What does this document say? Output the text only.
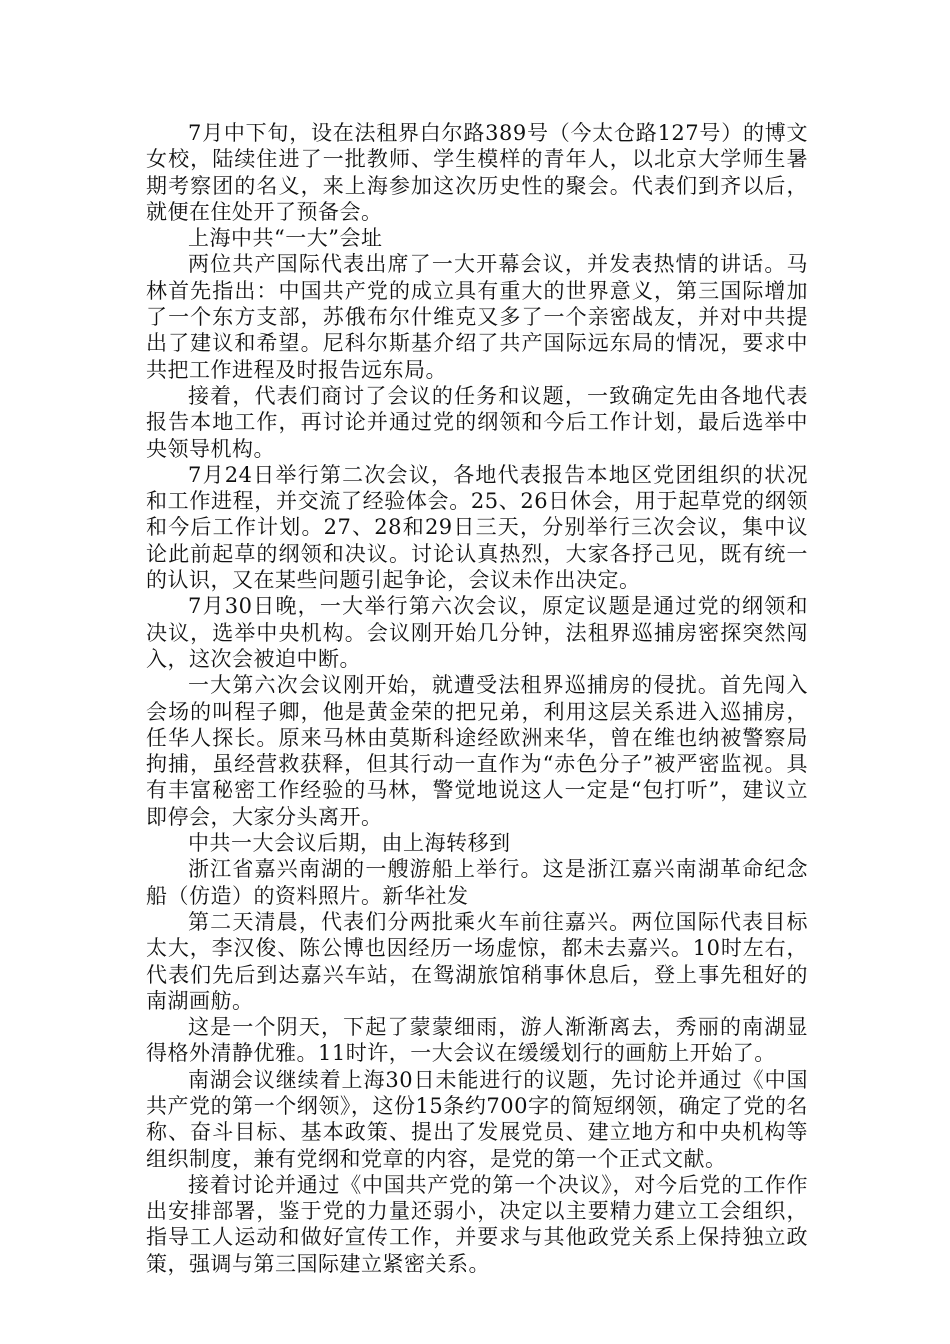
7月中下旬，设在法租界白尔路389号（今太仓路127号）的博文女校，陆续住进了一批教师、学生模样的青年人，以北京大学师生暑期考察团的名义，来上海参加这次历史性的聚会。代表们到齐以后，就便在住处开了预备会。

上海中共“一大”会址

两位共产国际代表出席了一大开幕会议，并发表热情的讲话。马林首先指出：中国共产党的成立具有重大的世界意义，第三国际增加了一个东方支部，苏俄布尔什维克又多了一个亲密战友，并对中共提出了建议和希望。尼科尔斯基介绍了共产国际远东局的情况，要求中共把工作进程及时报告远东局。

接着，代表们商讨了会议的任务和议题，一致确定先由各地代表报告本地工作，再讨论并通过党的纲领和今后工作计划，最后选举中央领导机构。

7月24日举行第二次会议，各地代表报告本地区党团组织的状况和工作进程，并交流了经验体会。25、26日休会，用于起草党的纲领和今后工作计划。27、28和29日三天，分别举行三次会议，集中议论此前起草的纲领和决议。讨论认真热烈，大家各抒己见，既有统一的认识，又在某些问题引起争论，会议未作出决定。

7月30日晚，一大举行第六次会议，原定议题是通过党的纲领和决议，选举中央机构。会议刚开始几分钟，法租界巡捕房密探突然闯入，这次会被迫中断。

一大第六次会议刚开始，就遭受法租界巡捕房的侵扰。首先闯入会场的叫程子卿，他是黄金荣的把兄弟，利用这层关系进入巡捕房，任华人探长。原来马林由莫斯科途经欧洲来华，曾在维也纳被警察局拘捕，虽经营救获释，但其行动一直作为“赤色分子”被严密监视。具有丰富秘密工作经验的马林，警觉地说这人一定是“包打听”，建议立即停会，大家分头离开。

中共一大会议后期，由上海转移到

浙江省嘉兴南湖的一艘游船上举行。这是浙江嘉兴南湖革命纪念船（仿造）的资料照片。新华社发

第二天清晨，代表们分两批乘火车前往嘉兴。两位国际代表目标太大，李汉俊、陈公博也因经历一场虚惊，都未去嘉兴。10时左右，代表们先后到达嘉兴车站，在鸳湖旅馆稍事休息后，登上事先租好的南湖画舫。

这是一个阴天，下起了蒙蒙细雨，游人渐渐离去，秀丽的南湖显得格外清静优雅。11时许，一大会议在缓缓划行的画舫上开始了。

南湖会议继续着上海30日未能进行的议题，先讨论并通过《中国共产党的第一个纲领》，这份15条约700字的简短纲领，确定了党的名称、奋斗目标、基本政策、提出了发展党员、建立地方和中央机构等组织制度，兼有党纲和党章的内容，是党的第一个正式文献。

接着讨论并通过《中国共产党的第一个决议》，对今后党的工作作出安排部署，鉴于党的力量还弱小，决定以主要精力建立工会组织，指导工人运动和做好宣传工作，并要求与其他政党关系上保持独立政策，强调与第三国际建立紧密关系。
